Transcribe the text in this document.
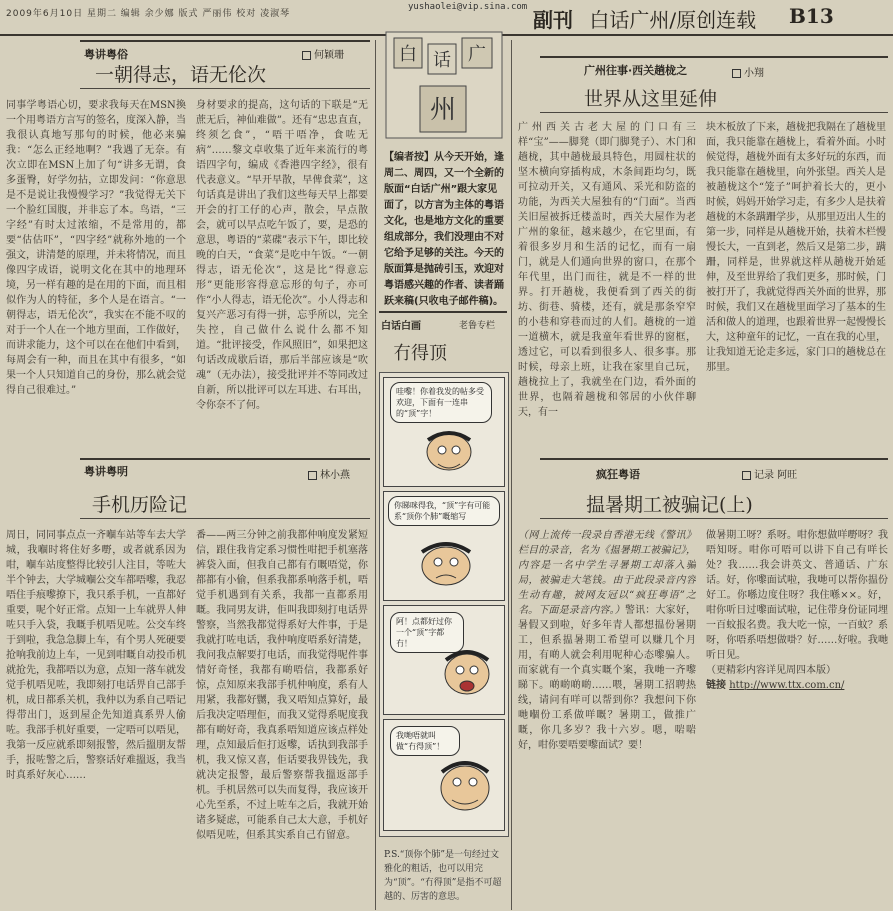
2009年6月10日 星期二 编辑 余少娜 版式 严丽伟 校对 凌淑琴
yushaolei@vip.sina.com
副刊 白话广州/原创连载 B13
粤讲粤俗	何颖珊
一朝得志，语无伦次
同事学粤语心切，要求我每天在MSN換一个用粤语方言写的签名，度深入静，当我很认真地写那句的时候，他必来骗我：“怎么正经地啊？”我遇了无奈。有次立即在MSN上加了句“讲多无谓，食多蛋臀，好学勿拈，立即发问：“你意思是不是说让我慢慢学习？”我觉得无关下一个脸红国腹，并非忘了本。鸟语，“三字经”有时太过浓缩，不是常用的，都要“估估吓”，“四字经”就称外地的一个强文，讲清楚的原理，并未将情况，而且像四字成语，说明文化在其中的地理环境，另一样有趣的是在用的下面，而且相似作为人的特征，多个人是在语言。“一朝得志，语无伦次”，我实在不能不叹的对于一个人在一个地方里面，工作做好，而讲求能力，这个可以在在他们中看到，每周会有一种，而且在其中有很多，“如果一个人只知道自己的身份，那么就会觉得自己很难过。”
身材要求的提高，这句话的下联是“无蔗无后，神仙难做”。还有“忠忠直直，终须乞食”，“唔干唔净，食咗无病”……黎文卓收集了近年来流行的粤语四字句，编成《香港四字经》，很有代表意义。“早开早散，早俾食菜”，这句话真是讲出了我们这些每天早上都要开会的打工仔的心声，散会，早点散会，就可以早点吃午饭了，要，是恐的意思，粤语的“菜碟”表示下午，即比较晚的白天，“食菜”是吃中午饭。“一朝得志，语无伦次”，这是比“得意忘形”更能形容得意忘形的句子，亦可作“小人得志，语无伦次”。小人得志和复兴产恶习有得一拼，忘乎所以，完全失控，自己做什么说什么都不知道。“批评接受，作风照旧”，如果把这句话改成歇后语，那后半部应该是“吹魂”（无办法），接受批评并不等同改过自新，所以批评可以左耳进、右耳出，令你奈不了何。
粤讲粤明	林小燕
手机历险记
周日，同同事点点一齐嗰车站等车去大学城，我嗰时将住好多嘢，或者就系因为咁，嗰车站度整得比较引人注目，等咗大半个钟去，大学城嗰公交车都唔嚟，我忍唔住手痕嚟撩下，我只系手机，一直都好重要，呢个好正常。点知一上车就畀人伸咗只手入袋，我嘅手机唔见咗。公交车终于到啦，我急急脚上车，有个男人死硬要抢响我前边上车，一见到咁嘅自动投币机就抢先，我都唔以为意，点知一落车就发觉手机唔见咗，我即刻打电话畀自己部手机，成日都系关机，我仲以为系自己唔记得带出门，返到屋企先知道真系畀人偷咗。我部手机好重要，一定唔可以唔见，我第一反应就系即刻报警，然后搵朋友帮手，报咗警之后，警察话好难搵返，我当时真系好灰心……
番——两三分钟之前我都仲响度发紧短信，跟住我肯定系习惯性咁把手机塞落裤袋入面，但我自己都有冇嘅唔觉，你都都有小偷，但系我都系响落手机，唔觉手机遇到有关系，我都一直都系用嘅。我同男友讲，佢叫我即刻打电话畀警察，当然我都觉得系好大件事，于是我就打咗电话，我仲响度唔系好清楚，我问我点解要打电话，而我觉得呢件事情好奇怪，我都有啲唔信，我都系好惊，点知原来我部手机仲响度，系有人用紧，我都好嬲，我又唔知点算好，最后我决定唔理佢，而我又觉得系呢度我都有啲好奇，我真系唔知道应该点样处理，点知最后佢打返嚟，话执到我部手机，我又惊又喜，佢话要我畀钱先，我就决定报警，最后警察帮我搵返部手机。手机居然可以失而复得，我应该开心先至系，不过上咗车之后，我就开始诸多疑虑，可能系自己太大意，手机好似唔见咗，但系其实系自己冇留意。
白 话 广
州
【编者按】从今天开始，逢周二、周四，又一个全新的版面“白话广州”跟大家见面了，以方言为主体的粤语文化，也是地方文化的重要组成部分，我们没理由不对它给予足够的关注。今天的版面算是抛砖引玉，欢迎对粤语感兴趣的作者、读者踊跃来稿(只收电子邮件稿)。
白话白画	老鲁专栏
冇得顶
哇嚟！你着我发的帖多受欢迎，下面有一连串的“顶”字！
你睇咪得我，“顶”字有可能系“顶你个肺”嘅缩写
阿！点都好过你一个“顶”字都冇！
我哋唔就叫做“冇得顶”！
P.S.“顶你个肺”是一句经过文雅化的粗话，也可以用完为“顶”。“冇得顶”是指不可超越的、厉害的意思。
广州往事·西关趟栊之	小翔
世界从这里延伸
广州西关古老大屋的门口有三样“宝”——脚凳（即门脚凳子）、木门和趟栊，其中趟栊最具特色，用圆柱状的坚木横向穿插构成，木条间距均匀，既可拉动开关，又有通风、采光和防盗的功能，为西关大屋独有的“门面”。当西关旧屋被拆迁楼盖时，西关大屋作为老广州的象征，越来越少，在它里面，有着很多岁月和生活的记忆，而有一扇门，就是人们通向世界的窗口，在那个年代里，出门而往，就是不一样的世界。打开趟栊，我便看到了西关的街坊、街巷、骑楼，还有，就是那条窄窄的小巷和穿巷而过的人们。趟栊的一道一道横木，就是我童年看世界的窗框，透过它，可以看到很多人、很多事。那时候，母亲上班，让我在家里自己玩，趟栊拉上了，我就坐在门边，看外面的世界，也隔着趟栊和邻居的小伙伴聊天，有一
块木板放了下来，趟栊把我隔在了趟栊里面，我只能靠在趟栊上，看着外面。小时候觉得，趟栊外面有太多好玩的东西，而我只能靠在趟栊里，向外张望。西关人是被趟栊这个“笼子”呵护着长大的，更小时候，妈妈开始学习走，有多少人是扶着趟栊的木条蹒跚学步，从那里迈出人生的第一步，同样是从趟栊开始，扶着木栏慢慢长大，一直到老，然后又是第二步，蹒跚，同样是，世界就这样从趟栊开始延伸，及至世界给了我们更多，那时候，门被打开了，我就觉得西关外面的世界，那时候，我们又在趟栊里面学习了基本的生活和做人的道理，也跟着世界一起慢慢长大，这种童年的记忆，一直在我的心里，让我知道无论走多远，家门口的趟栊总在那里。
疯狂粤语	记录 阿旺
揾暑期工被骗记(上)
（网上流传一段录自香港无线《警讯》栏目的录音，名为《揾暑期工被骗记》，内容是一名中学生寻暑期工却落入骗局，被骗走大笔钱。由于此段录音内容生动有趣，被网友冠以“疯狂粤语”之名。下面是录音内容。）警讯：大家好，暑假又到啦，好多年青人都想揾份暑期工，但系揾暑期工希望可以赚几个月用，有啲人就会利用呢种心态嚟骗人。而家就有一个真实嘅个案，我哋一齐嚟睇下。啲啲啲啲……喂，暑期工招聘热线，请问有咩可以帮到你？我想问下你哋嗰份工系做咩嘅？暑期工，做推广嘅，你几多岁？我十六岁。嗯，啱啱好，咁你要唔要嚟面试？要！
做暑期工呀？系呀。咁你想做咩嘢呀？我唔知呀。咁你可唔可以讲下自己有咩长处？我……我会讲英文、普通话、广东话。好，你嚟面试啦，我哋可以帮你揾份好工。你喺边度住呀？我住喺××。好，咁你听日过嚟面试啦，记住带身份证同埋一百蚊报名费。我大吃一惊，一百蚊？系呀，你唔系唔想做啩？好……好啦。我哋听日见。
（更精彩内容详见周四本版）
链接 http://www.ttx.com.cn/
